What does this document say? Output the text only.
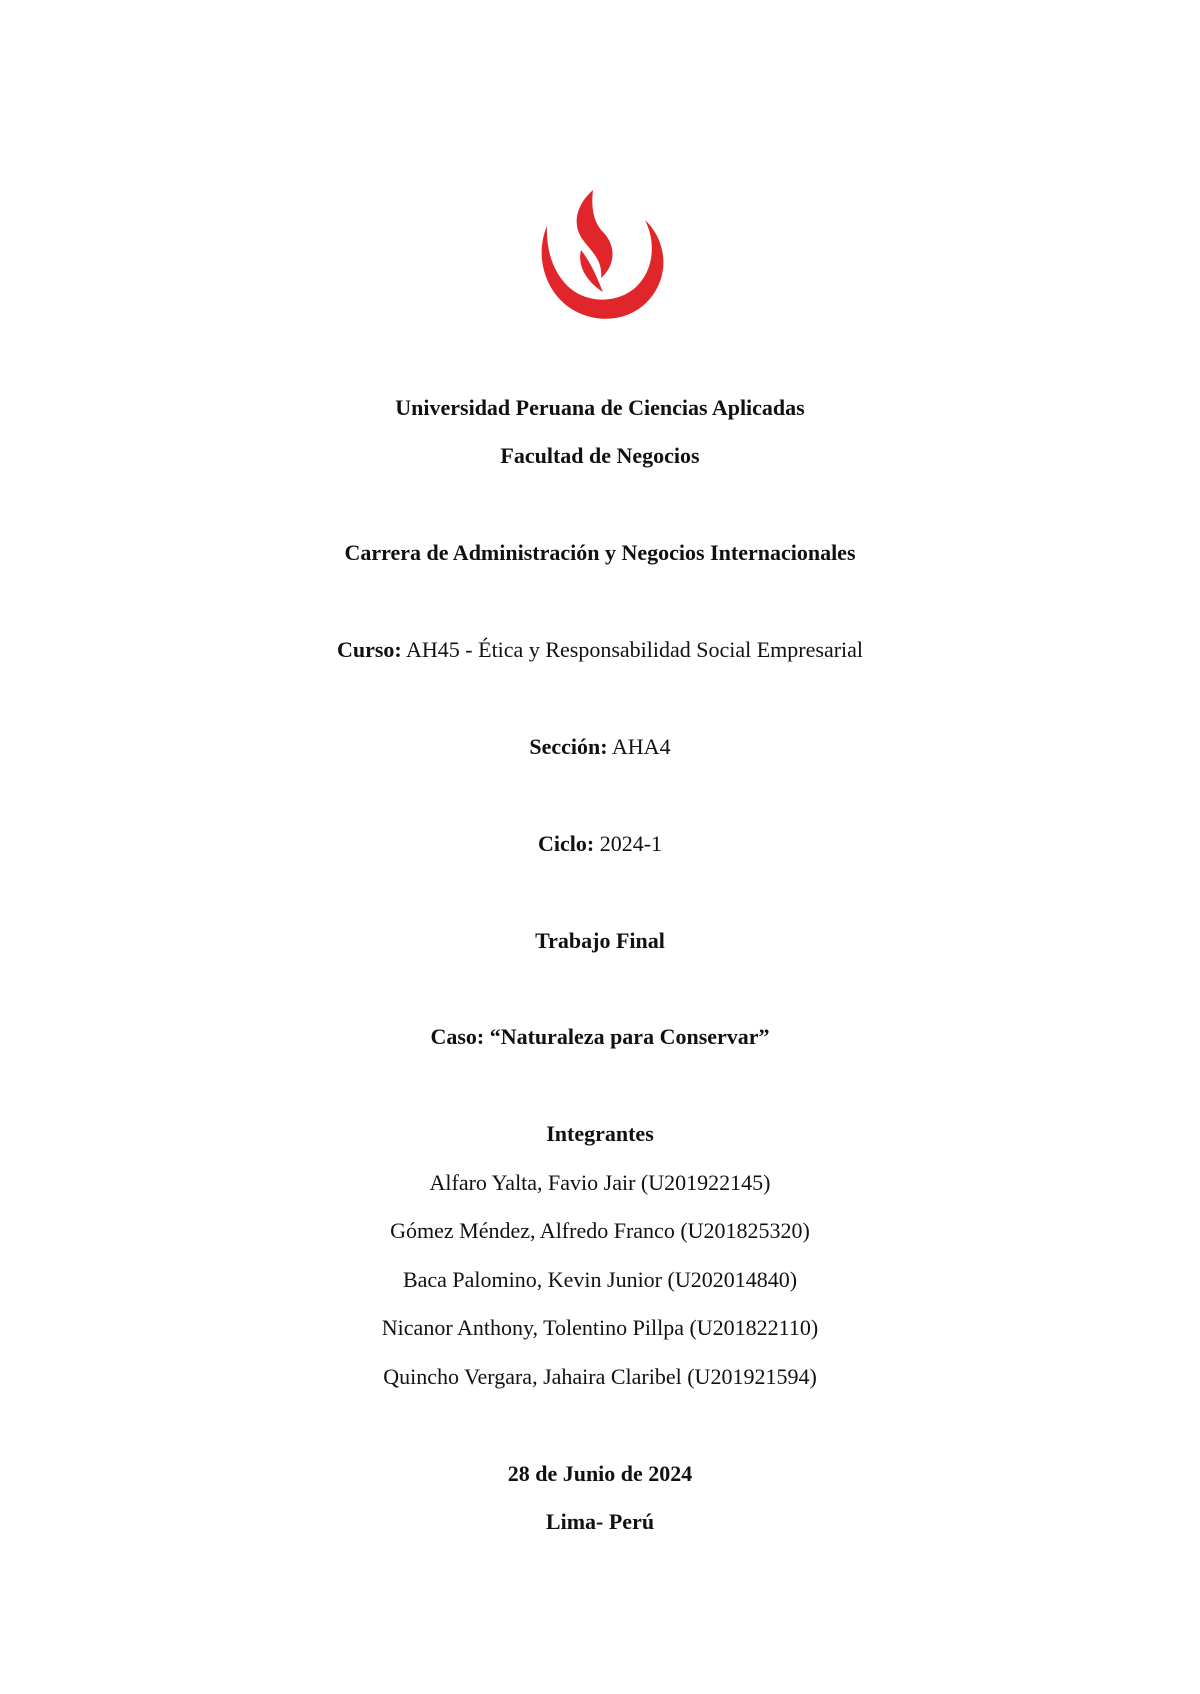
Universidad Peruana de Ciencias Aplicadas
Facultad de Negocios
Carrera de Administración y Negocios Internacionales
Curso: AH45 - Ética y Responsabilidad Social Empresarial
Sección: AHA4
Ciclo: 2024-1
Trabajo Final
Caso: “Naturaleza para Conservar”
Integrantes
Alfaro Yalta, Favio Jair (U201922145)
Gómez Méndez, Alfredo Franco (U201825320)
Baca Palomino, Kevin Junior (U202014840)
Nicanor Anthony, Tolentino Pillpa (U201822110)
Quincho Vergara, Jahaira Claribel (U201921594)
28 de Junio de 2024
Lima- Perú
